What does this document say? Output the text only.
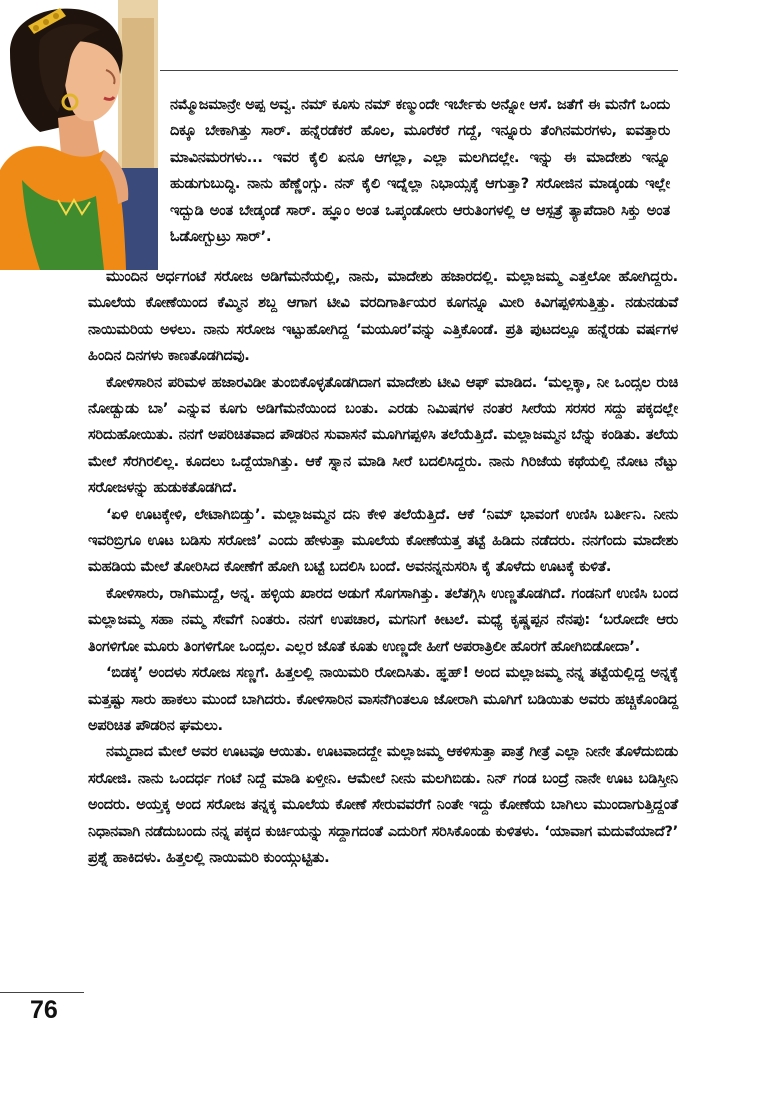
ನಮ್ಮೊಜಮಾನ್ರೇ ಅಪ್ಪ ಅವ್ವ. ನಮ್ ಕೂಸು ನಮ್ ಕಣ್ಮುಂದೇ ಇರ್ಬೇಕು ಅನ್ನೋ ಆಸೆ. ಜತೆಗೆ ಈ ಮನೆಗೆ ಒಂದು ದಿಕ್ಕೂ ಬೇಕಾಗಿತ್ತು ಸಾರ್. ಹನ್ನೆರಡೆಕರೆ ಹೊಲ, ಮೂರೆಕರೆ ಗದ್ದೆ, ಇನ್ನೂರು ತೆಂಗಿನಮರಗಳು, ಐವತ್ತಾರು ಮಾವಿನಮರಗಳು... ಇವರ ಕೈಲಿ ಏನೂ ಆಗಲ್ಲಾ, ಎಲ್ಲಾ ಮಲಗಿದಲ್ಲೇ. ಇನ್ನು ಈ ಮಾದೇಶು ಇನ್ನೂ ಹುಡುಗುಬುದ್ಧಿ. ನಾನು ಹೆಣ್ಣೆಂಗ್ಸು. ನನ್ ಕೈಲಿ ಇದ್ನೆಲ್ಲಾ ನಿಭಾಯ್ಸಕ್ಕೆ ಆಗುತ್ತಾ? ಸರೋಜಿನ ಮಾಡ್ಕಂಡು ಇಲ್ಲೇ ಇದ್ಬುಡಿ ಅಂತ ಬೇಡ್ಕಂಡೆ ಸಾರ್. ಹ್ಞೂಂ ಅಂತ ಒಪ್ಕಂಡೋರು ಆರುತಿಂಗಳಲ್ಲಿ ಆ ಆಸ್ಪತ್ರೆ ತ್ಯಾಪೆದಾರಿ ಸಿಕ್ತು ಅಂತ ಓಡೋಗ್ಬುಟ್ರು ಸಾರ್’.

ಮುಂದಿನ ಅರ್ಧಗಂಟೆ ಸರೋಜ ಅಡಿಗೆಮನೆಯಲ್ಲಿ, ನಾನು, ಮಾದೇಶು ಹಜಾರದಲ್ಲಿ. ಮಲ್ಲಾಜಮ್ಮ ಎತ್ತಲೋ ಹೋಗಿದ್ದರು. ಮೂಲೆಯ ಕೋಣೆಯಿಂದ ಕೆಮ್ಮಿನ ಶಬ್ದ ಆಗಾಗ ಟೀವಿ ವರದಿಗಾರ್ತಿಯರ ಕೂಗನ್ನೂ ಮೀರಿ ಕಿವಿಗಪ್ಪಳಿಸುತ್ತಿತ್ತು. ನಡುನಡುವೆ ನಾಯಿಮರಿಯ ಅಳಲು. ನಾನು ಸರೋಜ ಇಟ್ಟುಹೋಗಿದ್ದ ‘ಮಯೂರ’ವನ್ನು ಎತ್ತಿಕೊಂಡೆ. ಪ್ರತಿ ಪುಟದಲ್ಲೂ ಹನ್ನೆರಡು ವರ್ಷಗಳ ಹಿಂದಿನ ದಿನಗಳು ಕಾಣತೊಡಗಿದವು.

ಕೋಳಿಸಾರಿನ ಪರಿಮಳ ಹಜಾರವಿಡೀ ತುಂಬಿಕೊಳ್ಳತೊಡಗಿದಾಗ ಮಾದೇಶು ಟೀವಿ ಆಫ್ ಮಾಡಿದ. ‘ಮಲ್ಲಕ್ಕಾ, ನೀ ಒಂದ್ಸಲ ರುಚಿ ನೋಡ್ಬುಡು ಬಾ’ ಎನ್ನುವ ಕೂಗು ಅಡಿಗೆಮನೆಯಿಂದ ಬಂತು. ಎರಡು ನಿಮಿಷಗಳ ನಂತರ ಸೀರೆಯ ಸರಸರ ಸದ್ದು ಪಕ್ಕದಲ್ಲೇ ಸರಿದುಹೋಯಿತು. ನನಗೆ ಅಪರಿಚಿತವಾದ ಪೌಡರಿನ ಸುವಾಸನೆ ಮೂಗಿಗಪ್ಪಳಿಸಿ ತಲೆಯೆತ್ತಿದೆ. ಮಲ್ಲಾಜಮ್ಮನ ಬೆನ್ನು ಕಂಡಿತು. ತಲೆಯ ಮೇಲೆ ಸೆರಗಿರಲಿಲ್ಲ. ಕೂದಲು ಒದ್ದೆಯಾಗಿತ್ತು. ಆಕೆ ಸ್ನಾನ ಮಾಡಿ ಸೀರೆ ಬದಲಿಸಿದ್ದರು. ನಾನು ಗಿರಿಜೆಯ ಕಥೆಯಲ್ಲಿ ನೋಟ ನೆಟ್ಟು ಸರೋಜಳನ್ನು ಹುಡುಕತೊಡಗಿದೆ.

‘ಏಳಿ ಊಟಕ್ಕೇಳಿ, ಲೇಟಾಗಿಬಿಡ್ತು’. ಮಲ್ಲಾಜಮ್ಮನ ದನಿ ಕೇಳಿ ತಲೆಯೆತ್ತಿದೆ. ಆಕೆ ‘ನಿಮ್ ಭಾವಂಗೆ ಉಣಿಸಿ ಬರ್ತೀನಿ. ನೀನು ಇವರಿಬ್ರಿಗೂ ಊಟ ಬಡಿಸು ಸರೋಜಿ’ ಎಂದು ಹೇಳುತ್ತಾ ಮೂಲೆಯ ಕೋಣೆಯತ್ತ ತಟ್ಟೆ ಹಿಡಿದು ನಡೆದರು. ನನಗೆಂದು ಮಾದೇಶು ಮಹಡಿಯ ಮೇಲೆ ತೋರಿಸಿದ ಕೋಣೆಗೆ ಹೋಗಿ ಬಟ್ಟೆ ಬದಲಿಸಿ ಬಂದೆ. ಅವನನ್ನನುಸರಿಸಿ ಕೈ ತೊಳೆದು ಊಟಕ್ಕೆ ಕುಳಿತೆ.

ಕೋಳಿಸಾರು, ರಾಗಿಮುದ್ದೆ, ಅನ್ನ. ಹಳ್ಳಿಯ ಖಾರದ ಅಡುಗೆ ಸೊಗಸಾಗಿತ್ತು. ತಲೆತಗ್ಗಿಸಿ ಉಣ್ಣತೊಡಗಿದೆ. ಗಂಡನಿಗೆ ಉಣಿಸಿ ಬಂದ ಮಲ್ಲಾಜಮ್ಮ ಸಹಾ ನಮ್ಮ ಸೇವೆಗೆ ನಿಂತರು. ನನಗೆ ಉಪಚಾರ, ಮಗನಿಗೆ ಕೀಟಲೆ. ಮಧ್ಯೆ ಕೃಷ್ಣಪ್ಪನ ನೆನಪು: ‘ಬರೋದೇ ಆರು ತಿಂಗಳಿಗೋ ಮೂರು ತಿಂಗಳಿಗೋ ಒಂದ್ಸಲ. ಎಲ್ಲರ ಜೊತೆ ಕೂತು ಉಣ್ಣದೇ ಹೀಗೆ ಅಪರಾತ್ರಿಲೀ ಹೊರಗೆ ಹೋಗಿಬಿಡೋದಾ’.

‘ಬಿಡಕ್ಕ’ ಅಂದಳು ಸರೋಜ ಸಣ್ಣಗೆ. ಹಿತ್ತಲಲ್ಲಿ ನಾಯಿಮರಿ ರೋದಿಸಿತು. ಹ್ಞಹ್! ಅಂದ ಮಲ್ಲಾಜಮ್ಮ ನನ್ನ ತಟ್ಟೆಯಲ್ಲಿದ್ದ ಅನ್ನಕ್ಕೆ ಮತ್ತಷ್ಟು ಸಾರು ಹಾಕಲು ಮುಂದೆ ಬಾಗಿದರು. ಕೋಳಿಸಾರಿನ ವಾಸನೆಗಿಂತಲೂ ಜೋರಾಗಿ ಮೂಗಿಗೆ ಬಡಿಯಿತು ಅವರು ಹಚ್ಚಿಕೊಂಡಿದ್ದ ಅಪರಿಚಿತ ಪೌಡರಿನ ಘಮಲು.

ನಮ್ಮದಾದ ಮೇಲೆ ಅವರ ಊಟವೂ ಆಯಿತು. ಊಟವಾದದ್ದೇ ಮಲ್ಲಾಜಮ್ಮ ಆಕಳಿಸುತ್ತಾ ಪಾತ್ರೆ ಗೀತ್ರೆ ಎಲ್ಲಾ ನೀನೇ ತೊಳೆದುಬಿಡು ಸರೋಜಿ. ನಾನು ಒಂದರ್ಧ ಗಂಟೆ ನಿದ್ದೆ ಮಾಡಿ ಏಳ್ತೀನಿ. ಆಮೇಲೆ ನೀನು ಮಲಗಿಬಿಡು. ನಿನ್ ಗಂಡ ಬಂದ್ರೆ ನಾನೇ ಊಟ ಬಡಿಸ್ತೀನಿ ಅಂದರು. ಅಯ್ತಕ್ಕ ಅಂದ ಸರೋಜ ತನ್ನಕ್ಕ ಮೂಲೆಯ ಕೋಣೆ ಸೇರುವವರೆಗೆ ನಿಂತೇ ಇದ್ದು ಕೋಣೆಯ ಬಾಗಿಲು ಮುಂದಾಗುತ್ತಿದ್ದಂತೆ ನಿಧಾನವಾಗಿ ನಡೆದುಬಂದು ನನ್ನ ಪಕ್ಕದ ಕುರ್ಚಿಯನ್ನು ಸದ್ದಾಗದಂತೆ ಎದುರಿಗೆ ಸರಿಸಿಕೊಂಡು ಕುಳಿತಳು. ‘ಯಾವಾಗ ಮದುವೆಯಾದೆ?’ ಪ್ರಶ್ನೆ ಹಾಕಿದಳು. ಹಿತ್ತಲಲ್ಲಿ ನಾಯಿಮರಿ ಕುಂಯ್ಗುಟ್ಟಿತು.

76
